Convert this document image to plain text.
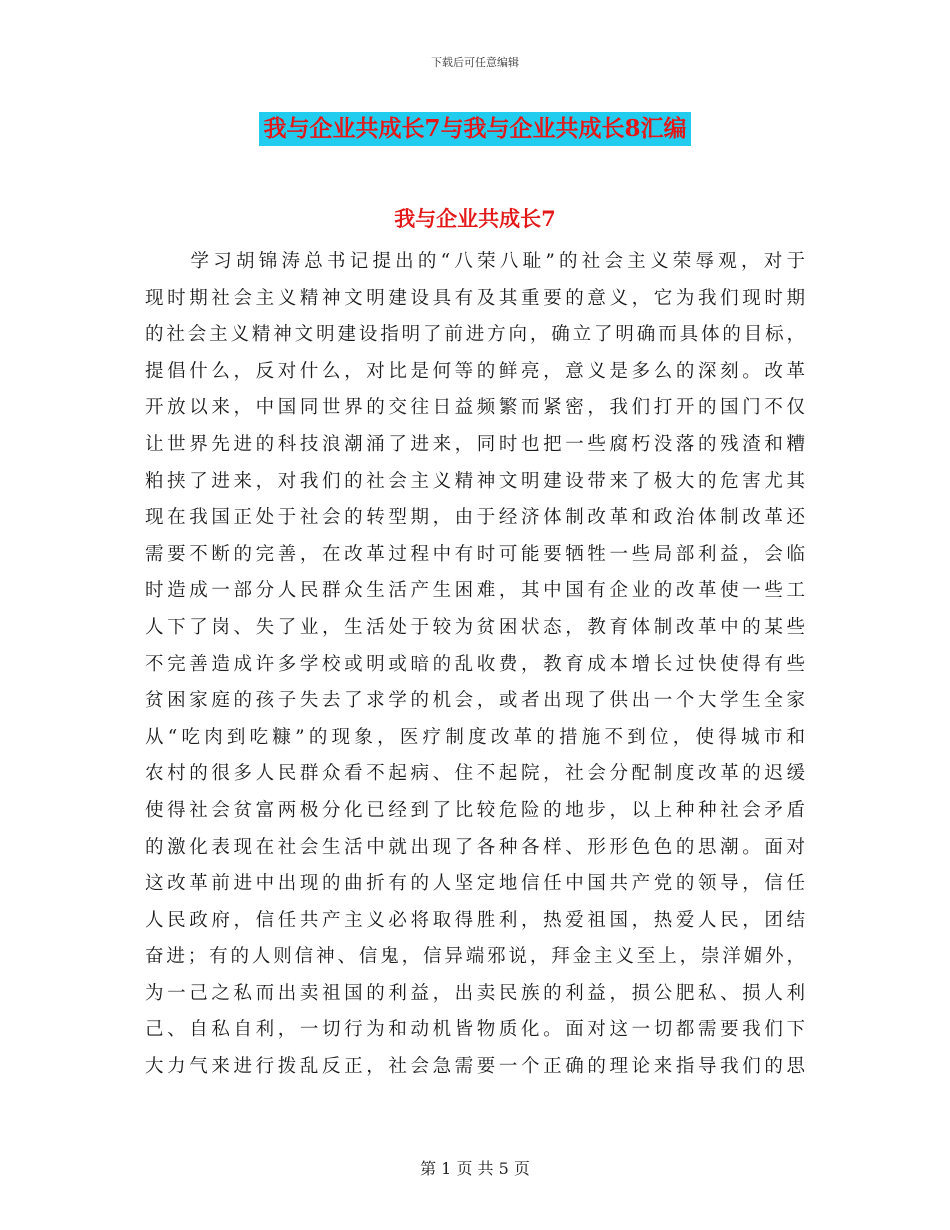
下载后可任意编辑
我与企业共成长7与我与企业共成长8汇编
我与企业共成长7
　　学习胡锦涛总书记提出的“八荣八耻”的社会主义荣辱观，对于
现时期社会主义精神文明建设具有及其重要的意义，它为我们现时期
的社会主义精神文明建设指明了前进方向，确立了明确而具体的目标，
提倡什么，反对什么，对比是何等的鲜亮，意义是多么的深刻。改革
开放以来，中国同世界的交往日益频繁而紧密，我们打开的国门不仅
让世界先进的科技浪潮涌了进来，同时也把一些腐朽没落的残渣和糟
粕挟了进来，对我们的社会主义精神文明建设带来了极大的危害尤其
现在我国正处于社会的转型期，由于经济体制改革和政治体制改革还
需要不断的完善，在改革过程中有时可能要牺牲一些局部利益，会临
时造成一部分人民群众生活产生困难，其中国有企业的改革使一些工
人下了岗、失了业，生活处于较为贫困状态，教育体制改革中的某些
不完善造成许多学校或明或暗的乱收费，教育成本增长过快使得有些
贫困家庭的孩子失去了求学的机会，或者出现了供出一个大学生全家
从“吃肉到吃糠”的现象，医疗制度改革的措施不到位，使得城市和
农村的很多人民群众看不起病、住不起院，社会分配制度改革的迟缓
使得社会贫富两极分化已经到了比较危险的地步，以上种种社会矛盾
的激化表现在社会生活中就出现了各种各样、形形色色的思潮。面对
这改革前进中出现的曲折有的人坚定地信任中国共产党的领导，信任
人民政府，信任共产主义必将取得胜利，热爱祖国，热爱人民，团结
奋进；有的人则信神、信鬼，信异端邪说，拜金主义至上，崇洋媚外，
为一己之私而出卖祖国的利益，出卖民族的利益，损公肥私、损人利
己、自私自利，一切行为和动机皆物质化。面对这一切都需要我们下
大力气来进行拨乱反正，社会急需要一个正确的理论来指导我们的思
第 1 页 共 5 页
